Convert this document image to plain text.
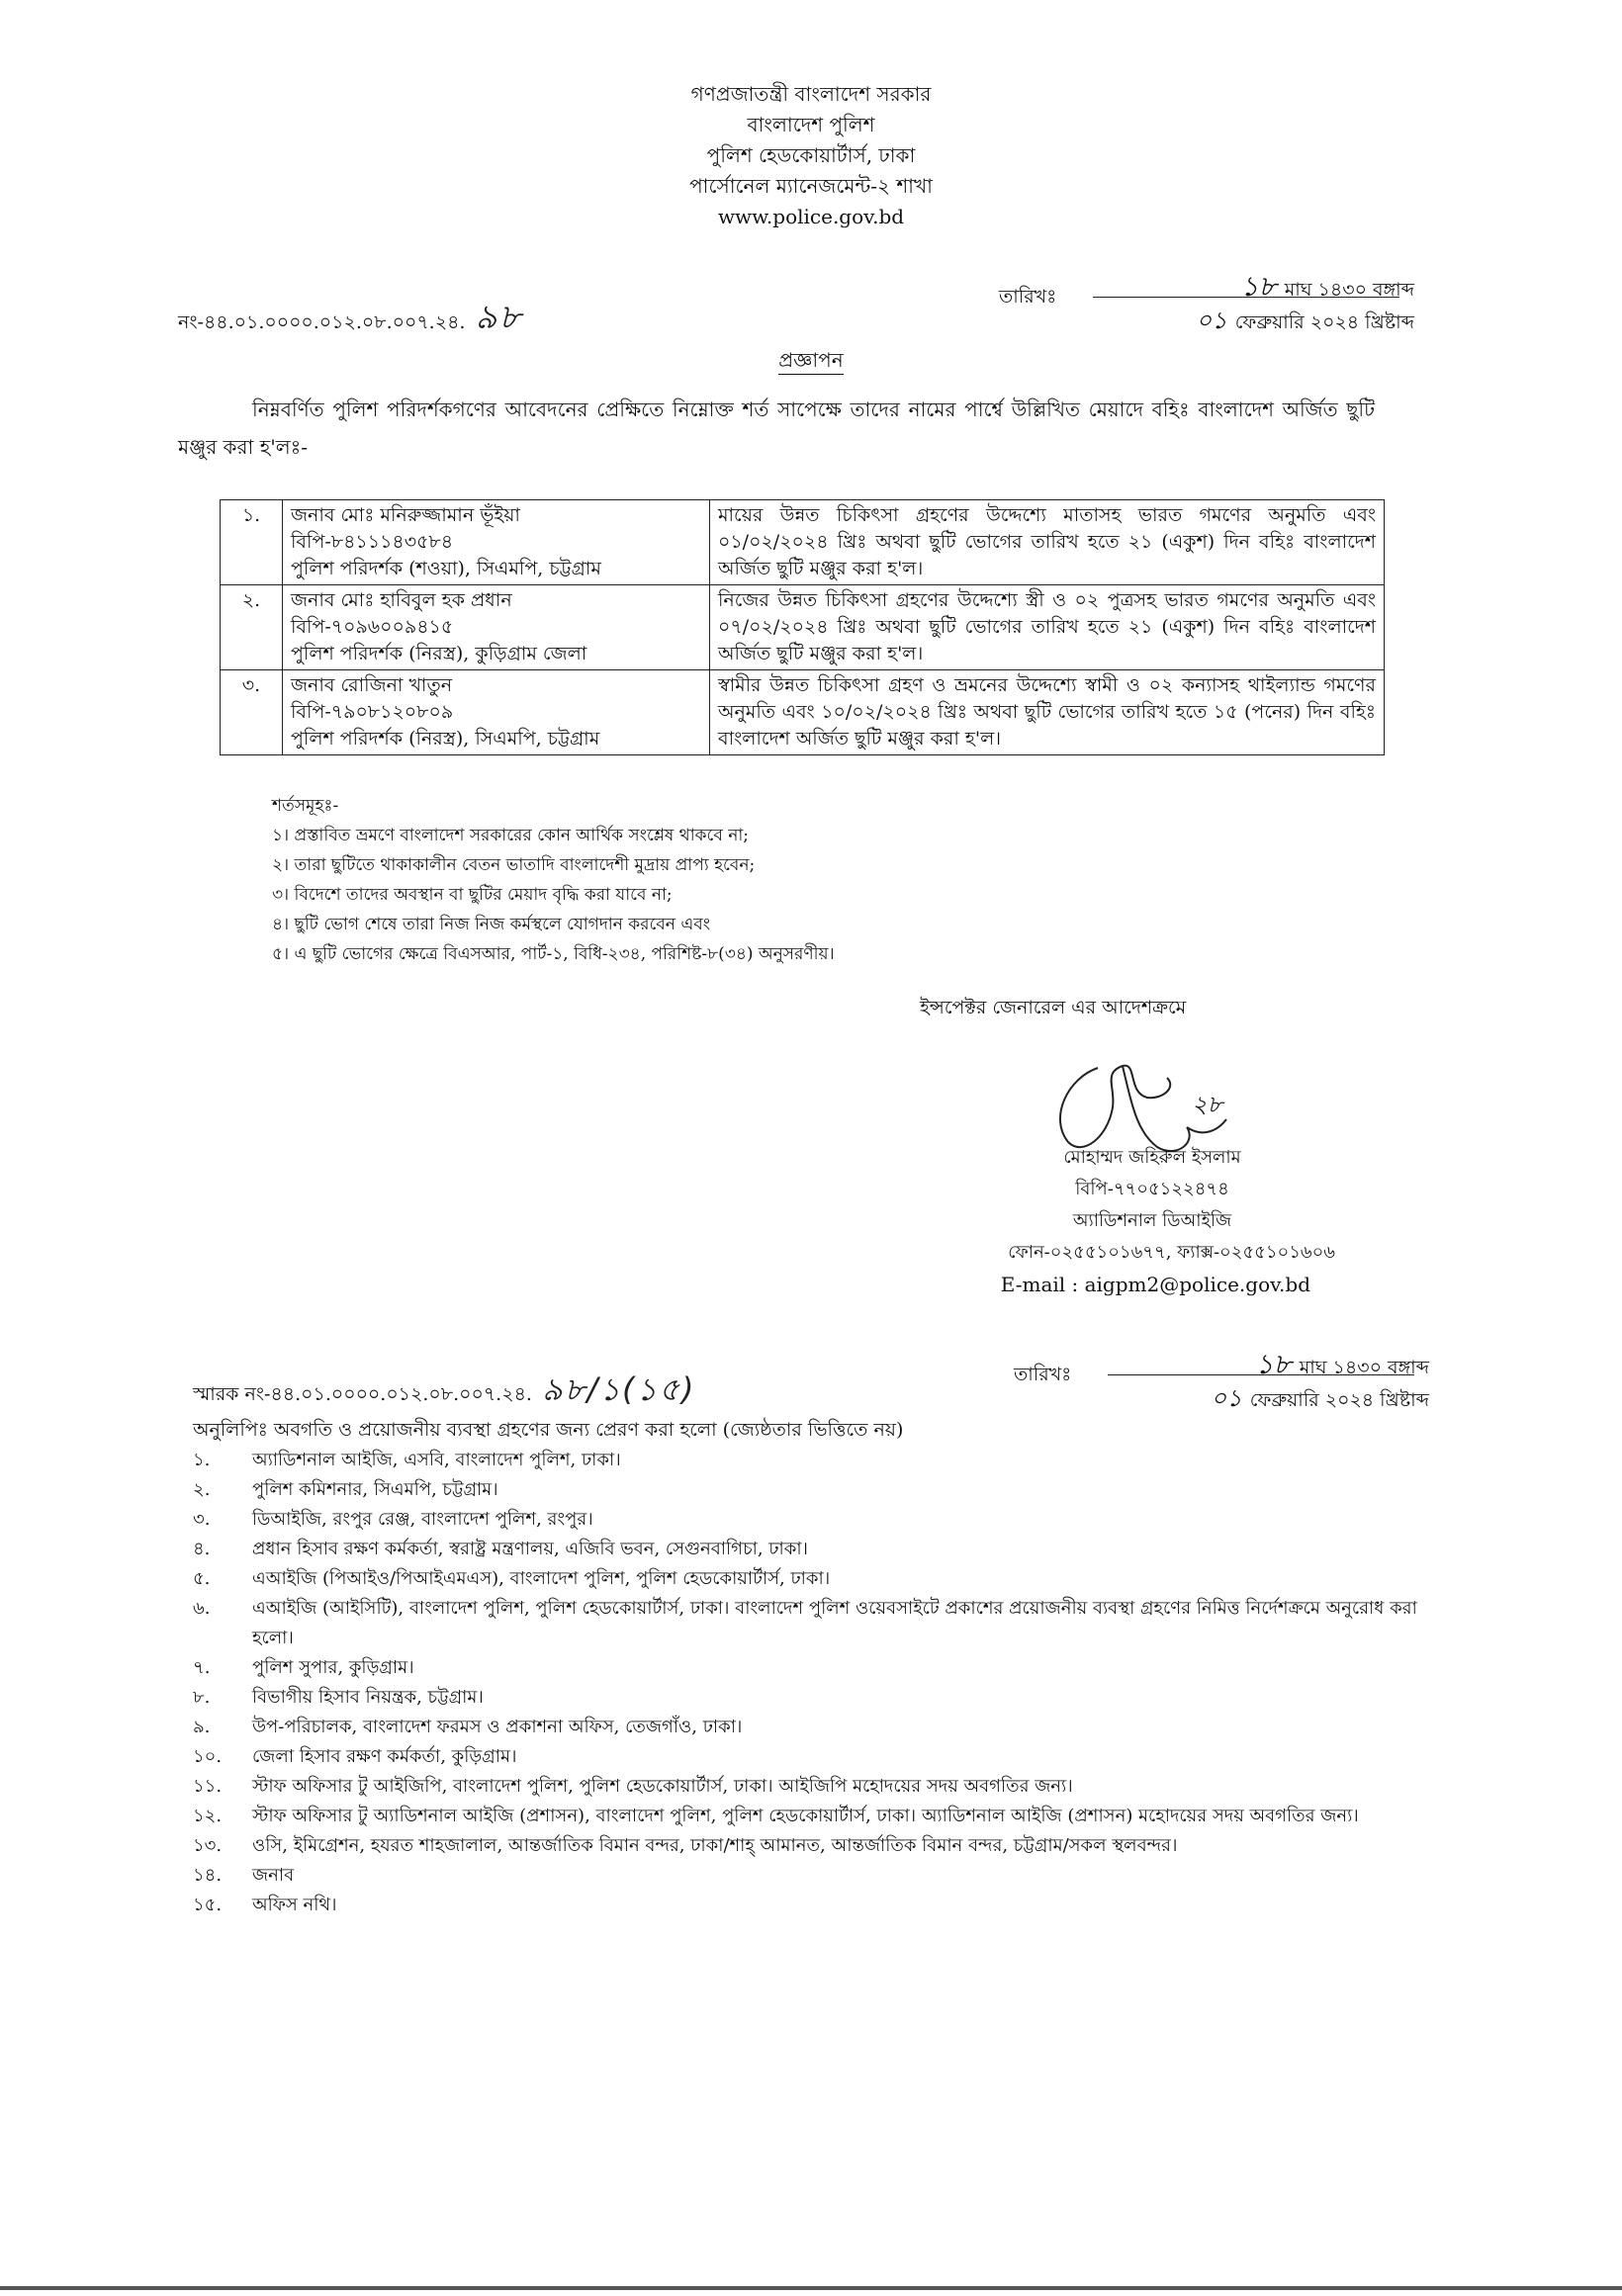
গণপ্রজাতন্ত্রী বাংলাদেশ সরকার
বাংলাদেশ পুলিশ
পুলিশ হেডকোয়ার্টার্স, ঢাকা
পার্সোনেল ম্যানেজমেন্ট-২ শাখা
www.police.gov.bd
নং-৪৪.০১.০০০০.০১২.০৮.০০৭.২৪. ৯৮
তারিখঃ	১৮ মাঘ ১৪৩০ বঙ্গাব্দ
০১ ফেব্রুয়ারি ২০২৪ খ্রিষ্টাব্দ
প্রজ্ঞাপন
নিম্নবর্ণিত পুলিশ পরিদর্শকগণের আবেদনের প্রেক্ষিতে নিম্নোক্ত শর্ত সাপেক্ষে তাদের নামের পার্শ্বে উল্লিখিত মেয়াদে বহিঃ বাংলাদেশ অর্জিত ছুটি মঞ্জুর করা হ'লঃ-
১.	জনাব মোঃ মনিরুজ্জামান ভূঁইয়া
বিপি-৮৪১১১৪৩৫৮৪
পুলিশ পরিদর্শক (শওয়া), সিএমপি, চট্টগ্রাম	মায়ের উন্নত চিকিৎসা গ্রহণের উদ্দেশ্যে মাতাসহ ভারত গমণের অনুমতি এবং ০১/০২/২০২৪ খ্রিঃ অথবা ছুটি ভোগের তারিখ হতে ২১ (একুশ) দিন বহিঃ বাংলাদেশ অর্জিত ছুটি মঞ্জুর করা হ'ল।
২.	জনাব মোঃ হাবিবুল হক প্রধান
বিপি-৭০৯৬০০৯৪১৫
পুলিশ পরিদর্শক (নিরস্ত্র), কুড়িগ্রাম জেলা	নিজের উন্নত চিকিৎসা গ্রহণের উদ্দেশ্যে স্ত্রী ও ০২ পুত্রসহ ভারত গমণের অনুমতি এবং ০৭/০২/২০২৪ খ্রিঃ অথবা ছুটি ভোগের তারিখ হতে ২১ (একুশ) দিন বহিঃ বাংলাদেশ অর্জিত ছুটি মঞ্জুর করা হ'ল।
৩.	জনাব রোজিনা খাতুন
বিপি-৭৯০৮১২০৮০৯
পুলিশ পরিদর্শক (নিরস্ত্র), সিএমপি, চট্টগ্রাম	স্বামীর উন্নত চিকিৎসা গ্রহণ ও ভ্রমনের উদ্দেশ্যে স্বামী ও ০২ কন্যাসহ থাইল্যান্ড গমণের অনুমতি এবং ১০/০২/২০২৪ খ্রিঃ অথবা ছুটি ভোগের তারিখ হতে ১৫ (পনের) দিন বহিঃ বাংলাদেশ অর্জিত ছুটি মঞ্জুর করা হ'ল।
শর্তসমূহঃ-
১। প্রস্তাবিত ভ্রমণে বাংলাদেশ সরকারের কোন আর্থিক সংশ্লেষ থাকবে না;
২। তারা ছুটিতে থাকাকালীন বেতন ভাতাদি বাংলাদেশী মুদ্রায় প্রাপ্য হবেন;
৩। বিদেশে তাদের অবস্থান বা ছুটির মেয়াদ বৃদ্ধি করা যাবে না;
৪। ছুটি ভোগ শেষে তারা নিজ নিজ কর্মস্থলে যোগদান করবেন এবং
৫। এ ছুটি ভোগের ক্ষেত্রে বিএসআর, পার্ট-১, বিধি-২৩৪, পরিশিষ্ট-৮(৩৪) অনুসরণীয়।
ইন্সপেক্টর জেনারেল এর আদেশক্রমে
২৮
মোহাম্মদ জহিরুল ইসলাম
বিপি-৭৭০৫১২২৪৭৪
অ্যাডিশনাল ডিআইজি
ফোন-০২৫৫১০১৬৭৭, ফ্যাক্স-০২৫৫১০১৬০৬
E-mail : aigpm2@police.gov.bd
স্মারক নং-৪৪.০১.০০০০.০১২.০৮.০০৭.২৪. ৯৮/১(১৫)	তারিখঃ	১৮ মাঘ ১৪৩০ বঙ্গাব্দ
০১ ফেব্রুয়ারি ২০২৪ খ্রিষ্টাব্দ
অনুলিপিঃ অবগতি ও প্রয়োজনীয় ব্যবস্থা গ্রহণের জন্য প্রেরণ করা হলো (জ্যেষ্ঠতার ভিত্তিতে নয়)
১.	অ্যাডিশনাল আইজি, এসবি, বাংলাদেশ পুলিশ, ঢাকা।
২.	পুলিশ কমিশনার, সিএমপি, চট্টগ্রাম।
৩.	ডিআইজি, রংপুর রেঞ্জ, বাংলাদেশ পুলিশ, রংপুর।
৪.	প্রধান হিসাব রক্ষণ কর্মকর্তা, স্বরাষ্ট্র মন্ত্রণালয়, এজিবি ভবন, সেগুনবাগিচা, ঢাকা।
৫.	এআইজি (পিআইও/পিআইএমএস), বাংলাদেশ পুলিশ, পুলিশ হেডকোয়ার্টার্স, ঢাকা।
৬.	এআইজি (আইসিটি), বাংলাদেশ পুলিশ, পুলিশ হেডকোয়ার্টার্স, ঢাকা। বাংলাদেশ পুলিশ ওয়েবসাইটে প্রকাশের প্রয়োজনীয় ব্যবস্থা গ্রহণের নিমিত্ত নির্দেশক্রমে অনুরোধ করা হলো।
৭.	পুলিশ সুপার, কুড়িগ্রাম।
৮.	বিভাগীয় হিসাব নিয়ন্ত্রক, চট্টগ্রাম।
৯.	উপ-পরিচালক, বাংলাদেশ ফরমস ও প্রকাশনা অফিস, তেজগাঁও, ঢাকা।
১০.	জেলা হিসাব রক্ষণ কর্মকর্তা, কুড়িগ্রাম।
১১.	স্টাফ অফিসার টু আইজিপি, বাংলাদেশ পুলিশ, পুলিশ হেডকোয়ার্টার্স, ঢাকা। আইজিপি মহোদয়ের সদয় অবগতির জন্য।
১২.	স্টাফ অফিসার টু অ্যাডিশনাল আইজি (প্রশাসন), বাংলাদেশ পুলিশ, পুলিশ হেডকোয়ার্টার্স, ঢাকা। অ্যাডিশনাল আইজি (প্রশাসন) মহোদয়ের সদয় অবগতির জন্য।
১৩.	ওসি, ইমিগ্রেশন, হযরত শাহজালাল, আন্তর্জাতিক বিমান বন্দর, ঢাকা/শাহ্ আমানত, আন্তর্জাতিক বিমান বন্দর, চট্টগ্রাম/সকল স্থলবন্দর।
১৪.	জনাব
১৫.	অফিস নথি।
